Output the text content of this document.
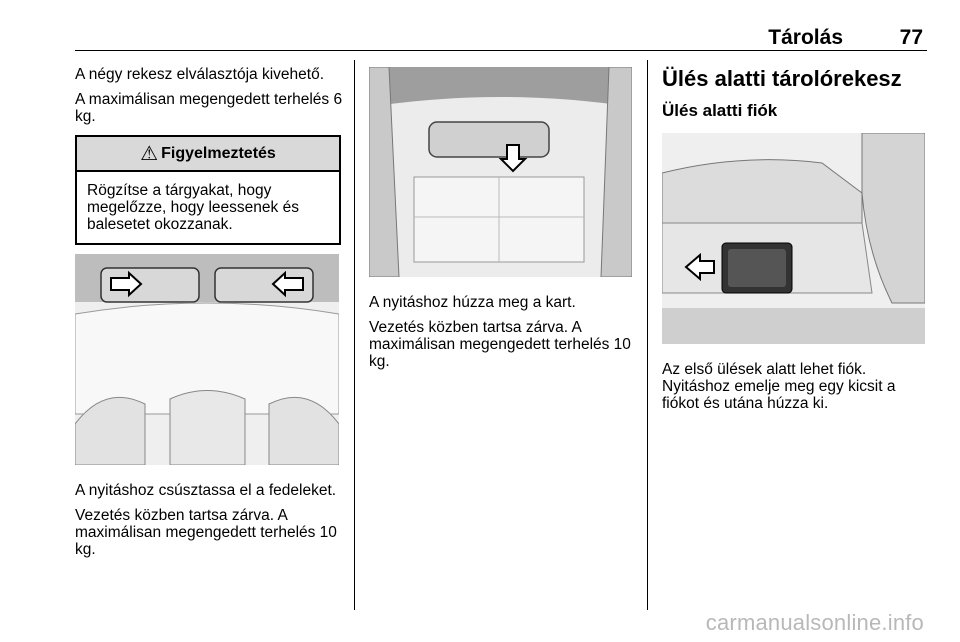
Tárolás	77

A négy rekesz elválasztója kivehető.

A maximálisan megengedett terhelés 6 kg.

⚠ Figyelmeztetés
Rögzítse a tárgyakat, hogy megelőzze, hogy leessenek és balesetet okozzanak.

A nyitáshoz csúsztassa el a fedeleket.

Vezetés közben tartsa zárva. A maximálisan megengedett terhelés 10 kg.

A nyitáshoz húzza meg a kart.

Vezetés közben tartsa zárva. A maximálisan megengedett terhelés 10 kg.

Ülés alatti tárolórekesz
Ülés alatti fiók

Az első ülések alatt lehet fiók.

Nyitáshoz emelje meg egy kicsit a fiókot és utána húzza ki.

carmanualsonline.info
